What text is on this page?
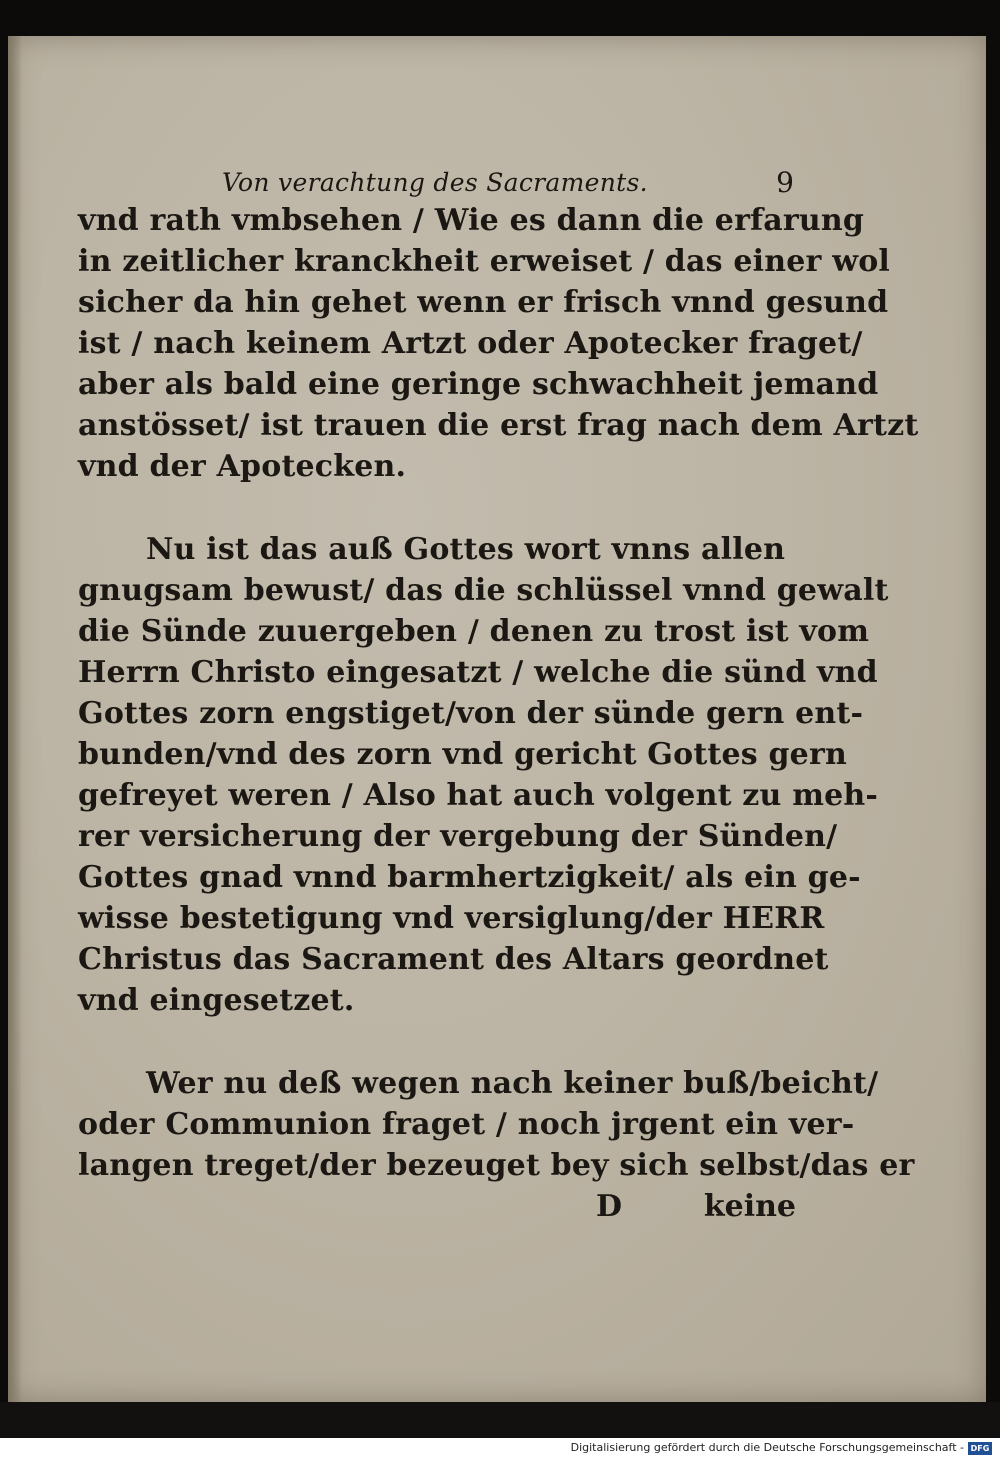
Von verachtung des Sacraments.	9
vnd rath vmbsehen / Wie es dann die erfarung
in zeitlicher kranckheit erweiset / das einer wol
sicher da hin gehet wenn er frisch vnnd gesund
ist / nach keinem Artzt oder Apotecker fraget/
aber als bald eine geringe schwachheit jemand
anstösset/ ist trauen die erst frag nach dem Artzt
vnd der Apotecken.
Nu ist das auß Gottes wort vnns allen
gnugsam bewust/ das die schlüssel vnnd gewalt
die Sünde zuuergeben / denen zu trost ist vom
Herrn Christo eingesatzt / welche die sünd vnd
Gottes zorn engstiget/von der sünde gern ent-
bunden/vnd des zorn vnd gericht Gottes gern
gefreyet weren / Also hat auch volgent zu meh-
rer versicherung der vergebung der Sünden/
Gottes gnad vnnd barmhertzigkeit/ als ein ge-
wisse bestetigung vnd versiglung/der HERR
Christus das Sacrament des Altars geordnet
vnd eingesetzet.
Wer nu deß wegen nach keiner buß/beicht/
oder Communion fraget / noch jrgent ein ver-
langen treget/der bezeuget bey sich selbst/das er
D	keine
Digitalisierung gefördert durch die Deutsche Forschungsgemeinschaft - DFG
